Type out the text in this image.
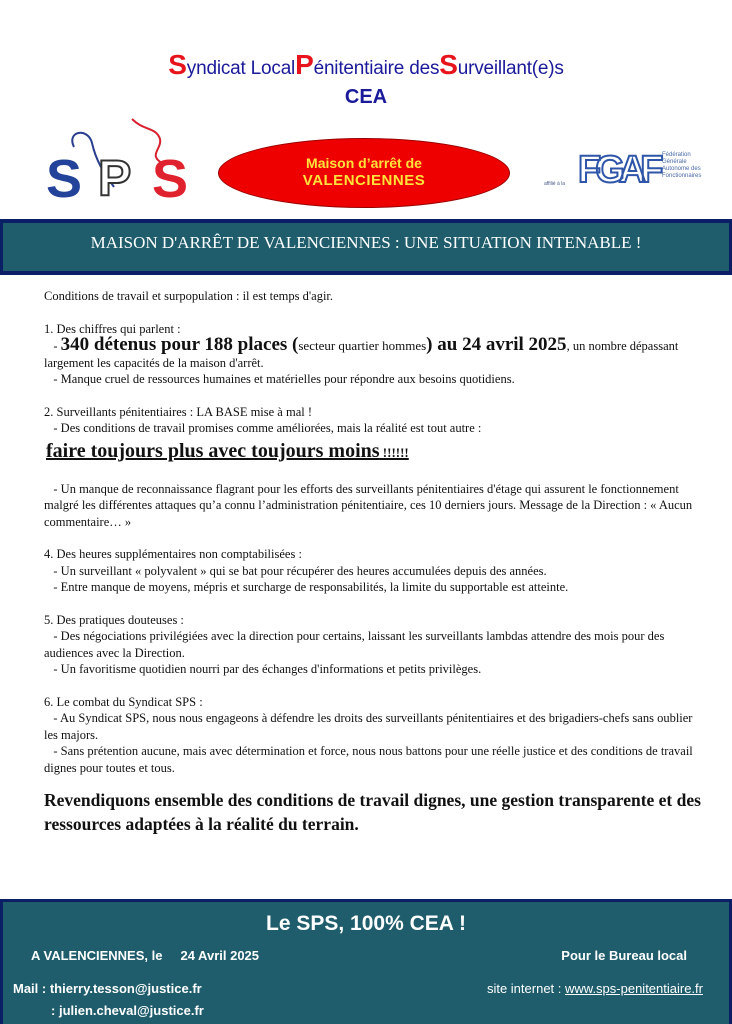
Syndicat LocalPénitentiaire desSurveillant(e)s
CEA
S P S	Maison d’arrêt de
VALENCIENNES	affilié à la FGAF Fédération
Générale
Autonome des
Fonctionnaires
MAISON D'ARRÊT DE VALENCIENNES : UNE SITUATION INTENABLE !

Conditions de travail et surpopulation : il est temps d'agir.

1. Des chiffres qui parlent :

- 340 détenus pour 188 places (secteur quartier hommes) au 24 avril 2025, un nombre dépassant largement les capacités de la maison d'arrêt.

- Manque cruel de ressources humaines et matérielles pour répondre aux besoins quotidiens.

2. Surveillants pénitentiaires : LA BASE mise à mal !

- Des conditions de travail promises comme améliorées, mais la réalité est tout autre :

faire toujours plus avec toujours moins !!!!!!

- Un manque de reconnaissance flagrant pour les efforts des surveillants pénitentiaires d'étage qui assurent le fonctionnement malgré les différentes attaques qu’a connu l’administration pénitentiaire, ces 10 derniers jours. Message de la Direction : « Aucun commentaire… »

4. Des heures supplémentaires non comptabilisées :

- Un surveillant « polyvalent » qui se bat pour récupérer des heures accumulées depuis des années.

- Entre manque de moyens, mépris et surcharge de responsabilités, la limite du supportable est atteinte.

5. Des pratiques douteuses :

- Des négociations privilégiées avec la direction pour certains, laissant les surveillants lambdas attendre des mois pour des audiences avec la Direction.

- Un favoritisme quotidien nourri par des échanges d'informations et petits privilèges.

6. Le combat du Syndicat SPS :

- Au Syndicat SPS, nous nous engageons à défendre les droits des surveillants pénitentiaires et des brigadiers-chefs sans oublier les majors.

- Sans prétention aucune, mais avec détermination et force, nous nous battons pour une réelle justice et des conditions de travail dignes pour toutes et tous.

Revendiquons ensemble des conditions de travail dignes, une gestion transparente et des ressources adaptées à la réalité du terrain.

Le SPS, 100% CEA !
A VALENCIENNES, le 24 Avril 2025	Pour le Bureau local
Mail : thierry.tesson@justice.fr
: julien.cheval@justice.fr
site internet : www.sps-penitentiaire.fr
